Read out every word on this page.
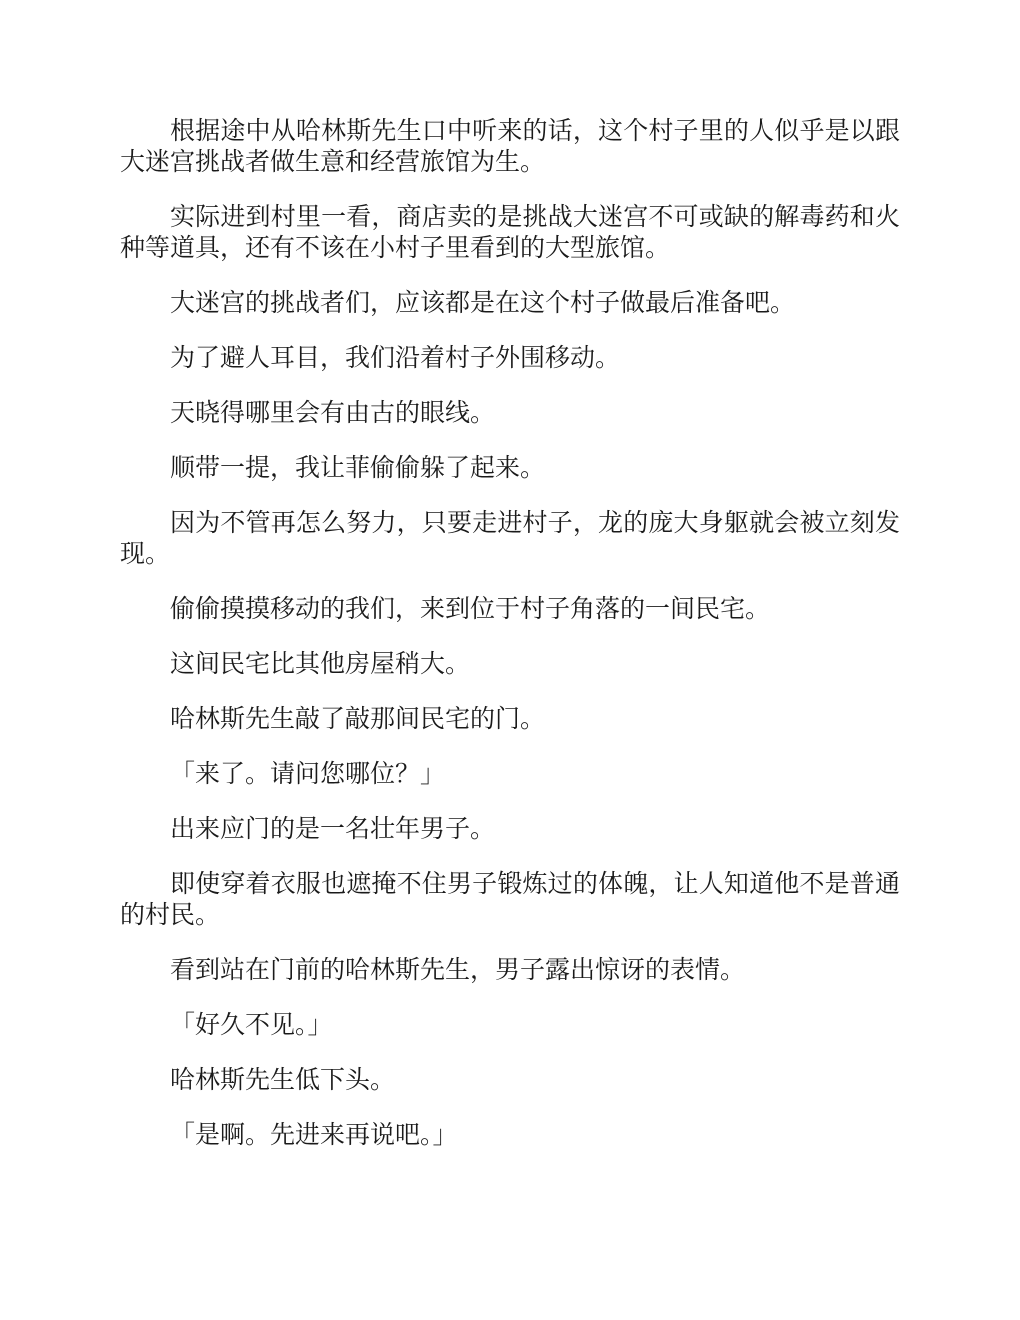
根据途中从哈林斯先生口中听来的话，这个村子里的人似乎是以跟大迷宫挑战者做生意和经营旅馆为生。

实际进到村里一看，商店卖的是挑战大迷宫不可或缺的解毒药和火种等道具，还有不该在小村子里看到的大型旅馆。

大迷宫的挑战者们，应该都是在这个村子做最后准备吧。

为了避人耳目，我们沿着村子外围移动。

天晓得哪里会有由古的眼线。

顺带一提，我让菲偷偷躲了起来。

因为不管再怎么努力，只要走进村子，龙的庞大身躯就会被立刻发现。

偷偷摸摸移动的我们，来到位于村子角落的一间民宅。

这间民宅比其他房屋稍大。

哈林斯先生敲了敲那间民宅的门。

「来了。请问您哪位？」

出来应门的是一名壮年男子。

即使穿着衣服也遮掩不住男子锻炼过的体魄，让人知道他不是普通的村民。

看到站在门前的哈林斯先生，男子露出惊讶的表情。

「好久不见。」

哈林斯先生低下头。

「是啊。先进来再说吧。」
